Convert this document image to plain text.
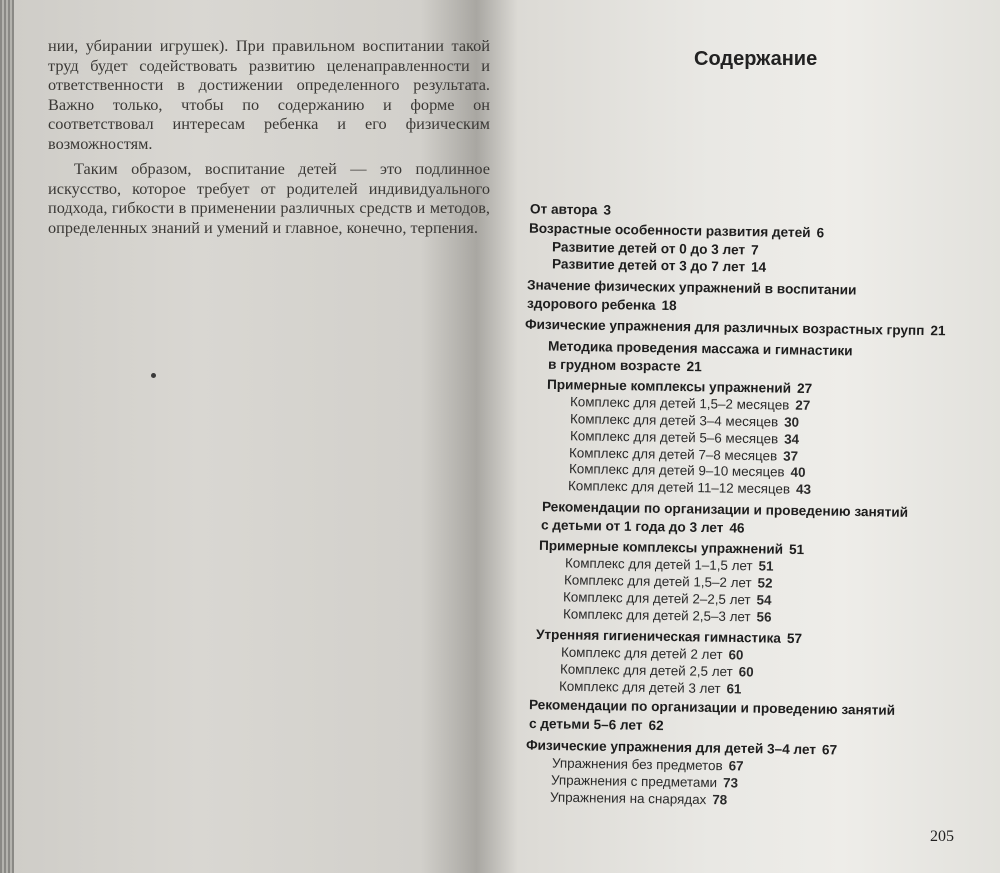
нии, убирании игрушек). При правильном воспитании такой труд будет содействовать развитию целенаправленности и ответственности в достижении определенного результата. Важно только, чтобы по содержанию и форме он соответствовал интересам ребенка и его физическим возможностям.

Таким образом, воспитание детей — это подлинное искусство, которое требует от родителей индивидуального подхода, гибкости в применении различных средств и методов, определенных знаний и умений и главное, конечно, терпения.

Содержание
От автора 3
Возрастные особенности развития детей 6
Развитие детей от 0 до 3 лет 7
Развитие детей от 3 до 7 лет 14
Значение физических упражнений в воспитании
здорового ребенка 18
Физические упражнения для различных возрастных групп 21
Методика проведения массажа и гимнастики
в грудном возрасте 21
Примерные комплексы упражнений 27
Комплекс для детей 1,5–2 месяцев 27
Комплекс для детей 3–4 месяцев 30
Комплекс для детей 5–6 месяцев 34
Комплекс для детей 7–8 месяцев 37
Комплекс для детей 9–10 месяцев 40
Комплекс для детей 11–12 месяцев 43
Рекомендации по организации и проведению занятий
с детьми от 1 года до 3 лет 46
Примерные комплексы упражнений 51
Комплекс для детей 1–1,5 лет 51
Комплекс для детей 1,5–2 лет 52
Комплекс для детей 2–2,5 лет 54
Комплекс для детей 2,5–3 лет 56
Утренняя гигиеническая гимнастика 57
Комплекс для детей 2 лет 60
Комплекс для детей 2,5 лет 60
Комплекс для детей 3 лет 61
Рекомендации по организации и проведению занятий
с детьми 5–6 лет 62
Физические упражнения для детей 3–4 лет 67
Упражнения без предметов 67
Упражнения с предметами 73
Упражнения на снарядах 78
205
